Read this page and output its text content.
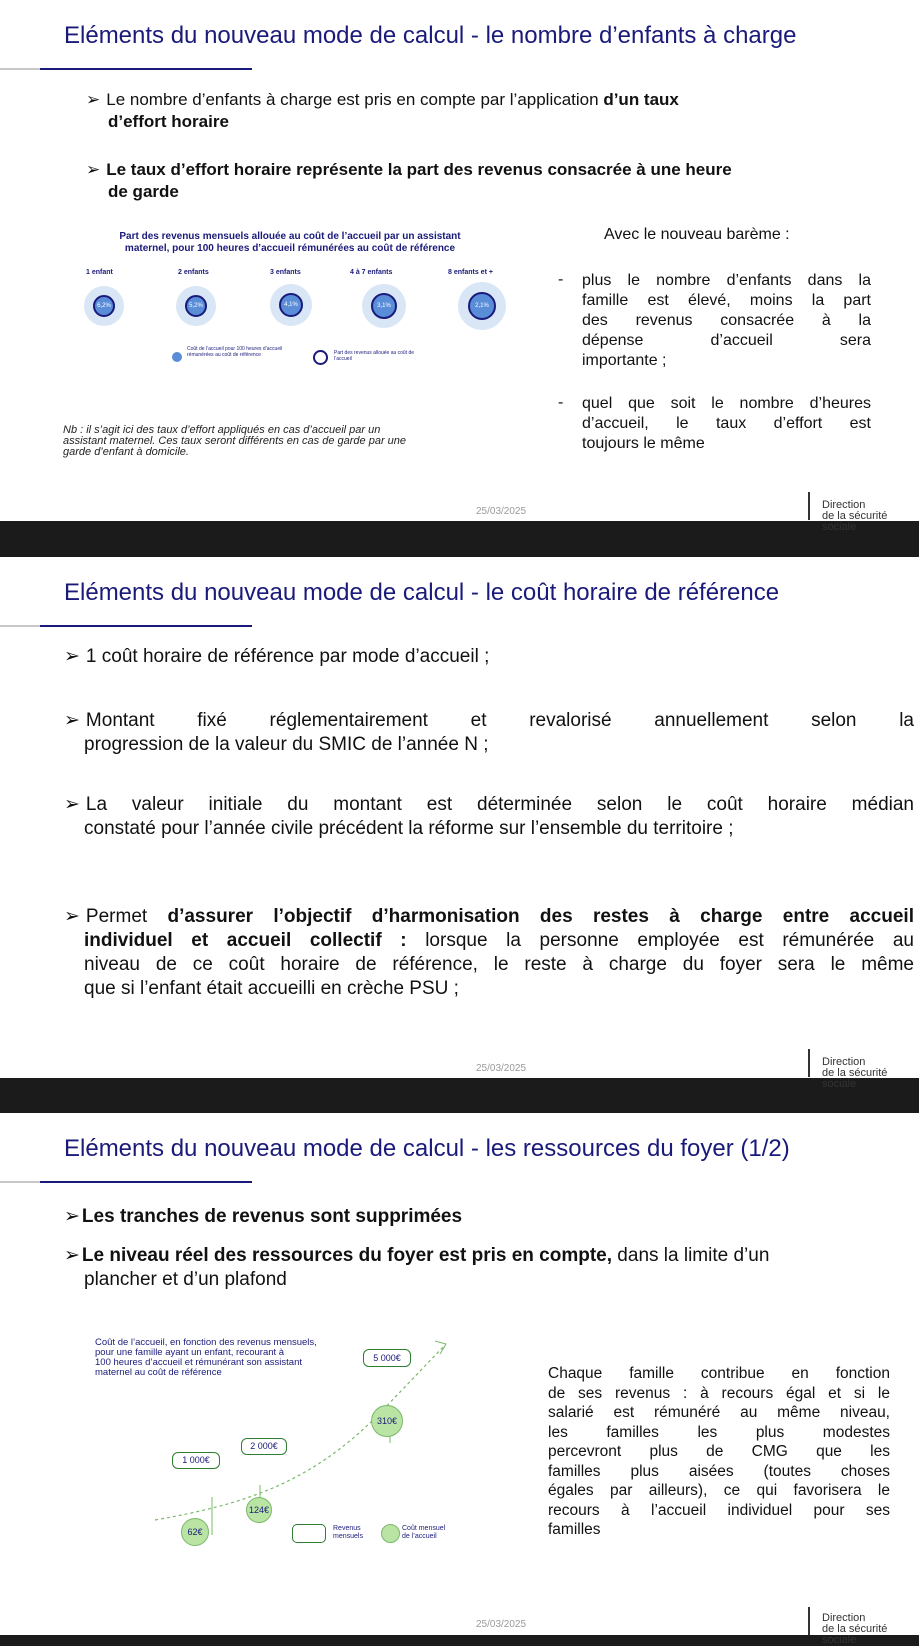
Eléments du nouveau mode de calcul - le nombre d’enfants à charge
➢ Le nombre d’enfants à charge est pris en compte par l’application d’un taux
d’effort horaire
➢ Le taux d’effort horaire représente la part des revenus consacrée à une heure
de garde
Part des revenus mensuels allouée au coût de l’accueil par un assistant
maternel, pour 100 heures d’accueil rémunérées au coût de référence
1 enfant	2 enfants	3 enfants	4 à 7 enfants	8 enfants et +
6,2%	5,2%	4,1%	3,1%	2,1%
Coût de l’accueil pour 100 heures d’accueil rémunérées au coût de référence	Part des revenus allouée au coût de l’accueil
Nb : il s’agit ici des taux d’effort appliqués en cas d’accueil par un
assistant maternel. Ces taux seront différents en cas de garde par une
garde d’enfant à domicile.
Avec le nouveau barème :
- plus le nombre d’enfants dans la
famille est élevé, moins la part
des revenus consacrée à la
dépense d’accueil sera
importante ;
- quel que soit le nombre d’heures
d’accueil, le taux d’effort est
toujours le même
25/03/2025
Direction
de la sécurité sociale
Eléments du nouveau mode de calcul - le coût horaire de référence
➢ 1 coût horaire de référence par mode d’accueil ;
➢ Montant fixé réglementairement et revalorisé annuellement selon la
progression de la valeur du SMIC de l’année N ;
➢ La valeur initiale du montant est déterminée selon le coût horaire médian
constaté pour l’année civile précédent la réforme sur l’ensemble du territoire ;
➢ Permet d’assurer l’objectif d’harmonisation des restes à charge entre accueil
individuel et accueil collectif : lorsque la personne employée est rémunérée au
niveau de ce coût horaire de référence, le reste à charge du foyer sera le même
que si l’enfant était accueilli en crèche PSU ;
25/03/2025
Direction
de la sécurité sociale
Eléments du nouveau mode de calcul - les ressources du foyer (1/2)
➢ Les tranches de revenus sont supprimées
➢ Le niveau réel des ressources du foyer est pris en compte, dans la limite d’un
plancher et d’un plafond
Coût de l’accueil, en fonction des revenus mensuels,
pour une famille ayant un enfant, recourant à
100 heures d’accueil et rémunérant son assistant
maternel au coût de référence
5 000€
310€
2 000€
124€
1 000€
62€	Revenus mensuels
Coût mensuel de l’accueil
Chaque famille contribue en fonction
de ses revenus : à recours égal et si le
salarié est rémunéré au même niveau,
les familles les plus modestes
percevront plus de CMG que les
familles plus aisées (toutes choses
égales par ailleurs), ce qui favorisera le
recours à l’accueil individuel pour ses
familles
25/03/2025
Direction
de la sécurité sociale
